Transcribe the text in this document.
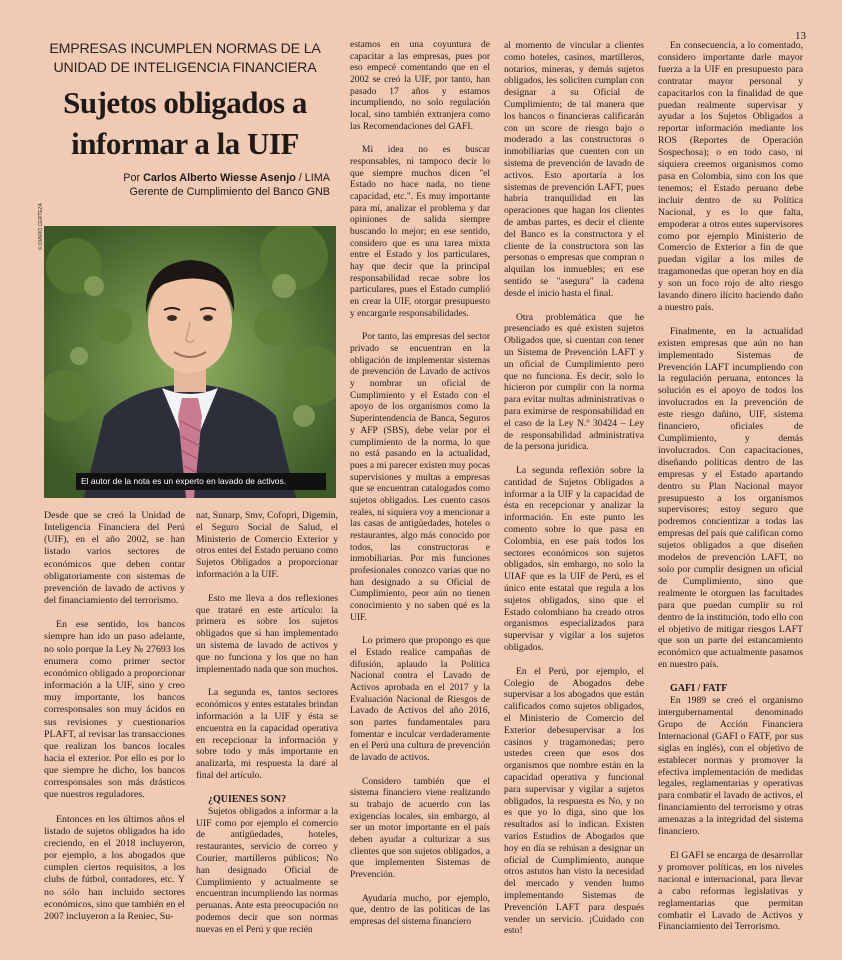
13
EMPRESAS INCUMPLEN NORMAS DE LA UNIDAD DE INTELIGENCIA FINANCIERA
Sujetos obligados a informar a la UIF
Por Carlos Alberto Wiesse Asenjo / LIMA
Gerente de Cumplimiento del Banco GNB
© DIARIO CERTEZA
El autor de la nota es un experto en lavado de activos.

Desde que se creó la Unidad de Inteligencia Financiera del Perú (UIF), en el año 2002, se han listado varios sectores de económicos que deben contar obligatoriamente con sistemas de prevención de lavado de activos y del financiamiento del terrorismo.

En ese sentido, los bancos siempre han ido un paso adelante, no solo porque la Ley № 27693 los enumera como primer sector económico obligado a proporcionar información a la UIF, sino y creo muy importante, los bancos corresponsales son muy ácidos en sus revisiones y cuestionarios PLAFT, al revisar las transacciones que realizan los bancos locales hacia el exterior. Por ello es por lo que siempre he dicho, los bancos corresponsales son más drásticos que nuestros reguladores.

Entonces en los últimos años el listado de sujetos obligados ha ido creciendo, en el 2018 incluyeron, por ejemplo, a los abogados que cumplen ciertos requisitos, a los clubs de fútbol, contadores, etc. Y no sólo han incluido sectores económicos, sino que también en el 2007 incluyeron a la Reniec, Su-

nat, Sunarp, Smv, Cofopri, Digemin, el Seguro Social de Salud, el Ministerio de Comercio Exterior y otros entes del Estado peruano como Sujetos Obligados a proporcionar información a la UIF.

Esto me lleva a dos reflexiones que trataré en este artículo: la primera es sobre los sujetos obligados que si han implementado un sistema de lavado de activos y que no funciona y los que no han implementado nada que son muchos.

La segunda es, tantos sectores económicos y entes estatales brindan información a la UIF y ésta se encuentra en la capacidad operativa en recepcionar la información y sobre todo y más importante en analizarla, mi respuesta la daré al final del artículo.

¿QUIENES SON?

Sujetos obligados a informar a la UIF como por ejemplo el comercio de antigüedades, hoteles, restaurantes, servicio de correo y Courier, martilleros públicos; No han designado Oficial de Cumplimiento y actualmente se encuentran incumpliendo las normas peruanas. Ante esta preocupación no podemos decir que son normas nuevas en el Perú y que recién

estamos en una coyuntura de capacitar a las empresas, pues por eso empecé comentando que en el 2002 se creó la UIF, por tanto, han pasado 17 años y estamos incumpliendo, no solo regulación local, sino también extranjera como las Recomendaciones del GAFI.

Mi idea no es buscar responsables, ni tampoco decir lo que siempre muchos dicen "el Estado no hace nada, no tiene capacidad, etc.". Es muy importante para mí, analizar el problema y dar opiniones de salida siempre buscando lo mejor; en ese sentido, considero que es una tarea mixta entre el Estado y los particulares, hay que decir que la principal responsabilidad recae sobre los particulares, pues el Estado cumplió en crear la UIF, otorgar presupuesto y encargarle responsabilidades.

Por tanto, las empresas del sector privado se encuentran en la obligación de implementar sistemas de prevención de Lavado de activos y nombrar un oficial de Cumplimiento y el Estado con el apoyo de los organismos como la Superintendencia de Banca, Seguros y AFP (SBS), debe velar por el cumplimiento de la norma, lo que no está pasando en la actualidad, pues a mí parecer existen muy pocas supervisiones y multas a empresas que se encuentran catalogados como sujetos obligados. Les cuento casos reales, ni siquiera voy a mencionar a las casas de antigüedades, hoteles o restaurantes, algo más conocido por todos, las constructoras e inmobiliarias. Por mis funciones profesionales conozco varias que no han designado a su Oficial de Cumplimiento, peor aún no tienen conocimiento y no saben qué es la UIF.

Lo primero que propongo es que el Estado realice campañas de difusión, aplaudo la Política Nacional contra el Lavado de Activos aprobada en el 2017 y la Evaluación Nacional de Riesgos de Lavado de Activos del año 2016, son partes fundamentales para fomentar e inculcar verdaderamente en el Perú una cultura de prevención de lavado de activos.

Considero también que el sistema financiero viene realizando su trabajo de acuerdo con las exigencias locales, sin embargo, al ser un motor importante en el país deben ayudar a culturizar a sus clientes que son sujetos obligados, a que implementen Sistemas de Prevención.

Ayudaría mucho, por ejemplo, que, dentro de las políticas de las empresas del sistema financiero

al momento de vincular a clientes como hoteles, casinos, martilleros, notarios, mineras, y demás sujetos obligados, les soliciten cumplan con designar a su Oficial de Cumplimiento; de tal manera que los bancos o financieras calificarán con un score de riesgo bajo o moderado a las constructoras o inmobiliarias que cuenten con un sistema de prevención de lavado de activos. Esto aportaría a los sistemas de prevención LAFT, pues habría tranquilidad en las operaciones que hagan los clientes de ambas partes, es decir el cliente del Banco es la constructora y el cliente de la constructora son las personas o empresas que compran o alquilan los inmuebles; en ese sentido se "asegura" la cadena desde el inicio hasta el final.

Otra problemática que he presenciado es qué existen sujetos Obligados que, si cuentan con tener un Sistema de Prevención LAFT y un oficial de Cumplimiento pero que no funciona. Es decir, solo lo hicieron por cumplir con la norma para evitar multas administrativas o para eximirse de responsabilidad en el caso de la Ley N.º 30424 – Ley de responsabilidad administrativa de la persona jurídica.

La segunda reflexión sobre la cantidad de Sujetos Obligados a informar a la UIF y la capacidad de ésta en recepcionar y analizar la información. En este punto les comento sobre lo que pasa en Colombia, en ese país todos los sectores económicos son sujetos obligados, sin embargo, no solo la UIAF que es la UIF de Perú, es el único ente estatal que regula a los sujetos obligados, sino que el Estado colombiano ha creado otros organismos especializados para supervisar y vigilar a los sujetos obligados.

En el Perú, por ejemplo, el Colegio de Abogados debe supervisar a los abogados que están calificados como sujetos obligados, el Ministerio de Comercio del Exterior debesupervisar a los casinos y tragamonedas; pero ustedes creen que esos dos organismos que nombre están en la capacidad operativa y funcional para supervisar y vigilar a sujetos obligados, la respuesta es No, y no es que yo lo diga, sino que los resultados así lo indican. Existen varios Estudios de Abogados que hoy en día se rehúsan a designar un oficial de Cumplimiento, aunque otros astutos han visto la necesidad del mercado y venden humo implementando Sistemas de Prevención LAFT para después vender un servicio. ¡Cuidado con esto!

En consecuencia, a lo comentado, considero importante darle mayor fuerza a la UIF en presupuesto para contratar mayor personal y capacitarlos con la finalidad de que puedan realmente supervisar y ayudar a los Sujetos Obligados a reportar información mediante los ROS (Reportes de Operación Sospechosa); o en todo caso, ni siquiera creemos organismos como pasa en Colombia, sino con los que tenemos; el Estado peruano debe incluir dentro de su Política Nacional, y es lo que falta, empoderar a otros entes supervisores como por ejemplo Ministerio de Comercio de Exterior a fin de que puedan vigilar a los miles de tragamonedas que operan hoy en día y son un foco rojo de alto riesgo lavando dinero ilícito haciendo daño a nuestro país.

Finalmente, en la actualidad existen empresas que aún no han implementado Sistemas de Prevención LAFT incumpliendo con la regulación peruana, entonces la solución es el apoyo de todos los involucrados en la prevención de este riesgo dañino, UIF, sistema financiero, oficiales de Cumplimiento, y demás involucrados. Con capacitaciones, diseñando políticas dentro de las empresas y el Estado apartando dentro su Plan Nacional mayor presupuesto a los organismos supervisores; estoy seguro que podremos concientizar a todas las empresas del país que califican como sujetos obligados a que diseñen modelos de prevención LAFT, no solo por cumplir designen un oficial de Cumplimiento, sino que realmente le otorguen las facultades para que puedan cumplir su rol dentro de la institución, todo ello con el objetivo de mitigar riesgos LAFT que son un parte del estancamiento económico que actualmente pasamos en nuestro país.

GAFI / FATF

En 1989 se creó el organismo intergubernamental denominado Grupo de Acción Financiera Internacional (GAFI o FATF, por sus siglas en inglés), con el objetivo de establecer normas y promover la efectiva implementación de medidas legales, reglamentarias y operativas para combatir el lavado de activos, el financiamiento del terrorismo y otras amenazas a la integridad del sistema financiero.

El GAFI se encarga de desarrollar y promover políticas, en los niveles nacional e internacional, para llevar a cabo reformas legislativas y reglamentarias que permitan combatir el Lavado de Activos y Financiamiento del Terrorismo.
